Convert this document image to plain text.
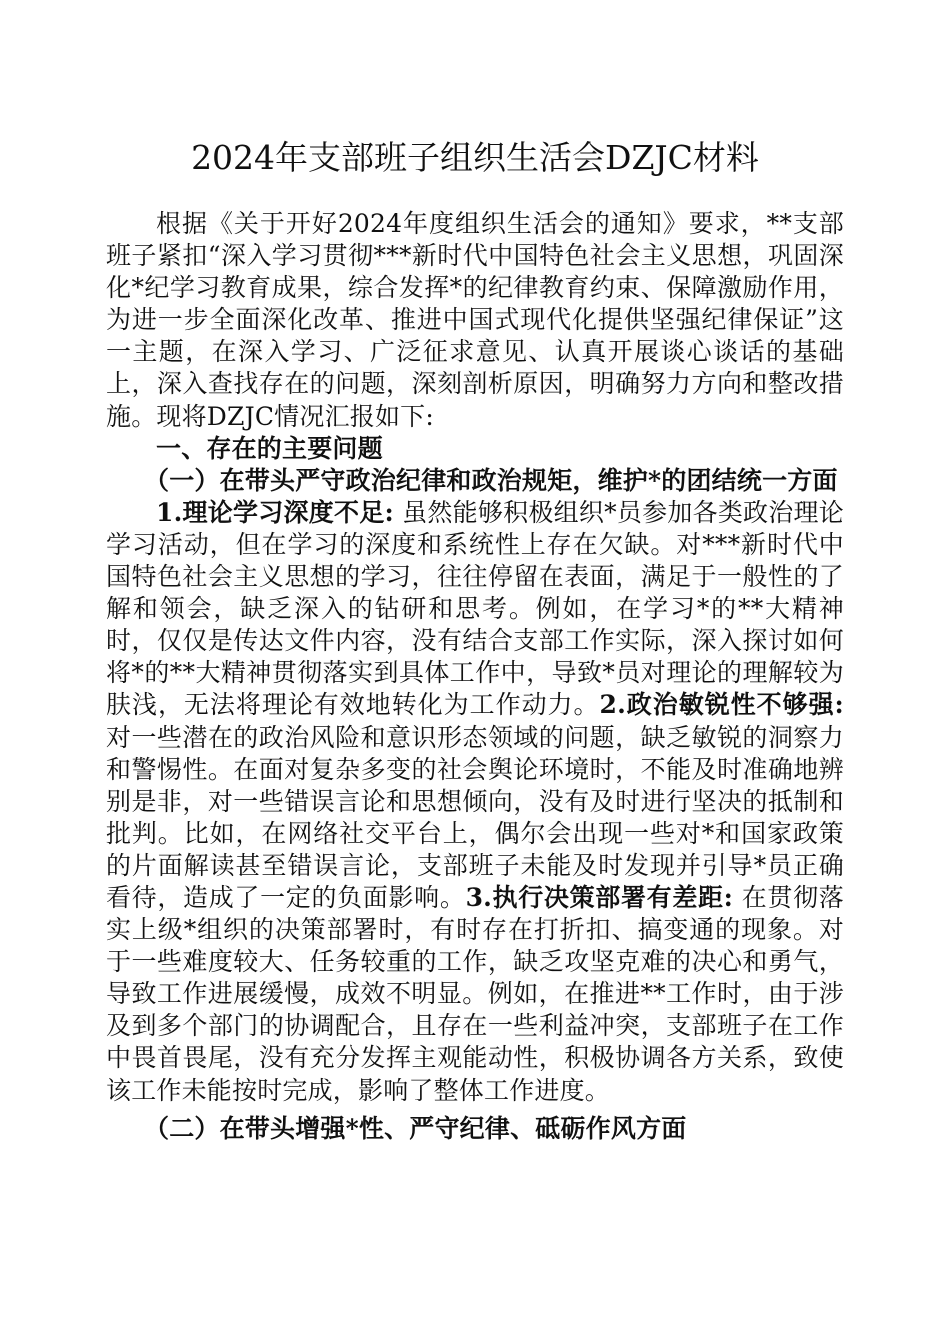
2024年支部班子组织生活会DZJC材料

根据《关于开好2024年度组织生活会的通知》要求，**支部班子紧扣“深入学习贯彻***新时代中国特色社会主义思想，巩固深化*纪学习教育成果，综合发挥*的纪律教育约束、保障激励作用，为进一步全面深化改革、推进中国式现代化提供坚强纪律保证”这一主题，在深入学习、广泛征求意见、认真开展谈心谈话的基础上，深入查找存在的问题，深刻剖析原因，明确努力方向和整改措施。现将DZJC情况汇报如下:

一、存在的主要问题

（一）在带头严守政治纪律和政治规矩，维护*的团结统一方面

1.理论学习深度不足: 虽然能够积极组织*员参加各类政治理论学习活动，但在学习的深度和系统性上存在欠缺。对***新时代中国特色社会主义思想的学习，往往停留在表面，满足于一般性的了解和领会，缺乏深入的钻研和思考。例如，在学习*的**大精神时，仅仅是传达文件内容，没有结合支部工作实际，深入探讨如何将*的**大精神贯彻落实到具体工作中，导致*员对理论的理解较为肤浅，无法将理论有效地转化为工作动力。2.政治敏锐性不够强: 对一些潜在的政治风险和意识形态领域的问题，缺乏敏锐的洞察力和警惕性。在面对复杂多变的社会舆论环境时，不能及时准确地辨别是非，对一些错误言论和思想倾向，没有及时进行坚决的抵制和批判。比如，在网络社交平台上，偶尔会出现一些对*和国家政策的片面解读甚至错误言论，支部班子未能及时发现并引导*员正确看待，造成了一定的负面影响。3.执行决策部署有差距: 在贯彻落实上级*组织的决策部署时，有时存在打折扣、搞变通的现象。对于一些难度较大、任务较重的工作，缺乏攻坚克难的决心和勇气，导致工作进展缓慢，成效不明显。例如，在推进**工作时，由于涉及到多个部门的协调配合，且存在一些利益冲突，支部班子在工作中畏首畏尾，没有充分发挥主观能动性，积极协调各方关系，致使该工作未能按时完成，影响了整体工作进度。

（二）在带头增强*性、严守纪律、砥砺作风方面
